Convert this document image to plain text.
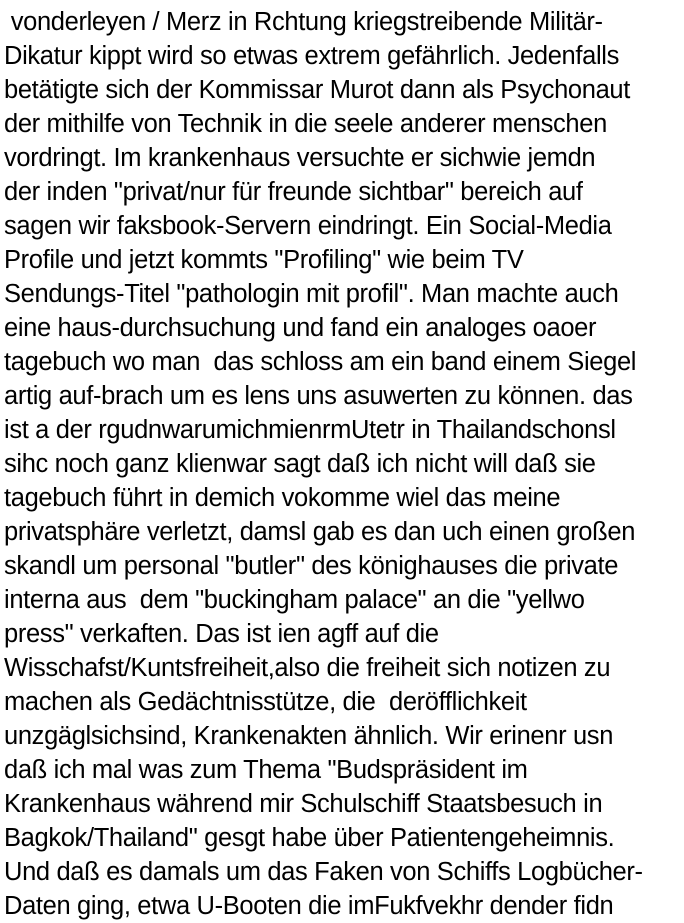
vonderleyen / Merz in Rchtung kriegstreibende Militär-
Dikatur kippt wird so etwas extrem gefährlich. Jedenfalls
betätigte sich der Kommissar Murot dann als Psychonaut
der mithilfe von Technik in die seele anderer menschen
vordringt. Im krankenhaus versuchte er sichwie jemdn
der inden "privat/nur für freunde sichtbar" bereich auf
sagen wir faksbook-Servern eindringt. Ein Social-Media
Profile und jetzt kommts "Profiling" wie beim TV
Sendungs-Titel "pathologin mit profil". Man machte auch
eine haus-durchsuchung und fand ein analoges oaoer
tagebuch wo man  das schloss am ein band einem Siegel
artig auf-brach um es lens uns asuwerten zu können. das
ist a der rgudnwarumichmienrmUtetr in Thailandschonsl
sihc noch ganz klienwar sagt daß ich nicht will daß sie
tagebuch führt in demich vokomme wiel das meine
privatsphäre verletzt, damsl gab es dan uch einen großen
skandl um personal "butler" des könighauses die private
interna aus  dem "buckingham palace" an die "yellwo
press" verkaften. Das ist ien agff auf die
Wisschafst/Kuntsfreiheit,also die freiheit sich notizen zu
machen als Gedächtnisstütze, die  deröfflichkeit
unzgäglsichsind, Krankenakten ähnlich. Wir erinenr usn
daß ich mal was zum Thema "Budspräsident im
Krankenhaus während mir Schulschiff Staatsbesuch in
Bagkok/Thailand" gesgt habe über Patientengeheimnis.
Und daß es damals um das Faken von Schiffs Logbücher-
Daten ging, etwa U-Booten die imFukfvekhr dender fidn
